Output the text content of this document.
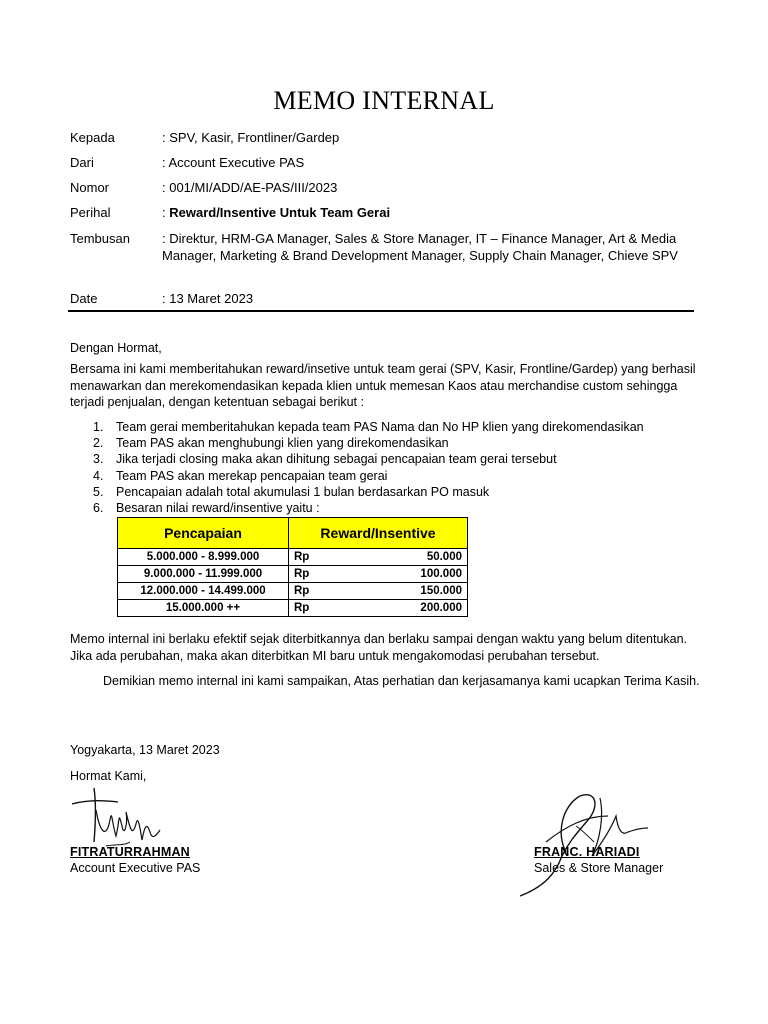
MEMO INTERNAL
Kepada	: SPV, Kasir, Frontliner/Gardep
Dari	: Account Executive PAS
Nomor	: 001/MI/ADD/AE-PAS/III/2023
Perihal	: Reward/Insentive Untuk Team Gerai
Tembusan : Direktur, HRM-GA Manager, Sales & Store Manager, IT – Finance Manager, Art & Media Manager, Marketing & Brand Development Manager, Supply Chain Manager, Chieve SPV
Date	: 13 Maret 2023
Dengan Hormat,
Bersama ini kami memberitahukan reward/insetive untuk team gerai (SPV, Kasir, Frontline/Gardep) yang berhasil menawarkan dan merekomendasikan kepada klien untuk memesan Kaos atau merchandise custom sehingga terjadi penjualan, dengan ketentuan sebagai berikut :
1. Team gerai memberitahukan kepada team PAS Nama dan No HP klien yang direkomendasikan
2. Team PAS akan menghubungi klien yang direkomendasikan
3. Jika terjadi closing maka akan dihitung sebagai pencapaian team gerai tersebut
4. Team PAS akan merekap pencapaian team gerai
5. Pencapaian adalah total akumulasi 1 bulan berdasarkan PO masuk
6. Besaran nilai reward/insentive yaitu :
Pencapaian	Reward/Insentive
5.000.000 - 8.999.000	Rp 50.000

9.000.000 - 11.999.000	Rp 100.000

12.000.000 - 14.499.000	Rp 150.000

15.000.000 ++	Rp 200.000
Memo internal ini berlaku efektif sejak diterbitkannya dan berlaku sampai dengan waktu yang belum ditentukan. Jika ada perubahan, maka akan diterbitkan MI baru untuk mengakomodasi perubahan tersebut.
Demikian memo internal ini kami sampaikan, Atas perhatian dan kerjasamanya kami ucapkan Terima Kasih.
Yogyakarta, 13 Maret 2023
Hormat Kami,
FITRATURRAHMAN
Account Executive PAS
FRANC. HARIADI
Sales & Store Manager
